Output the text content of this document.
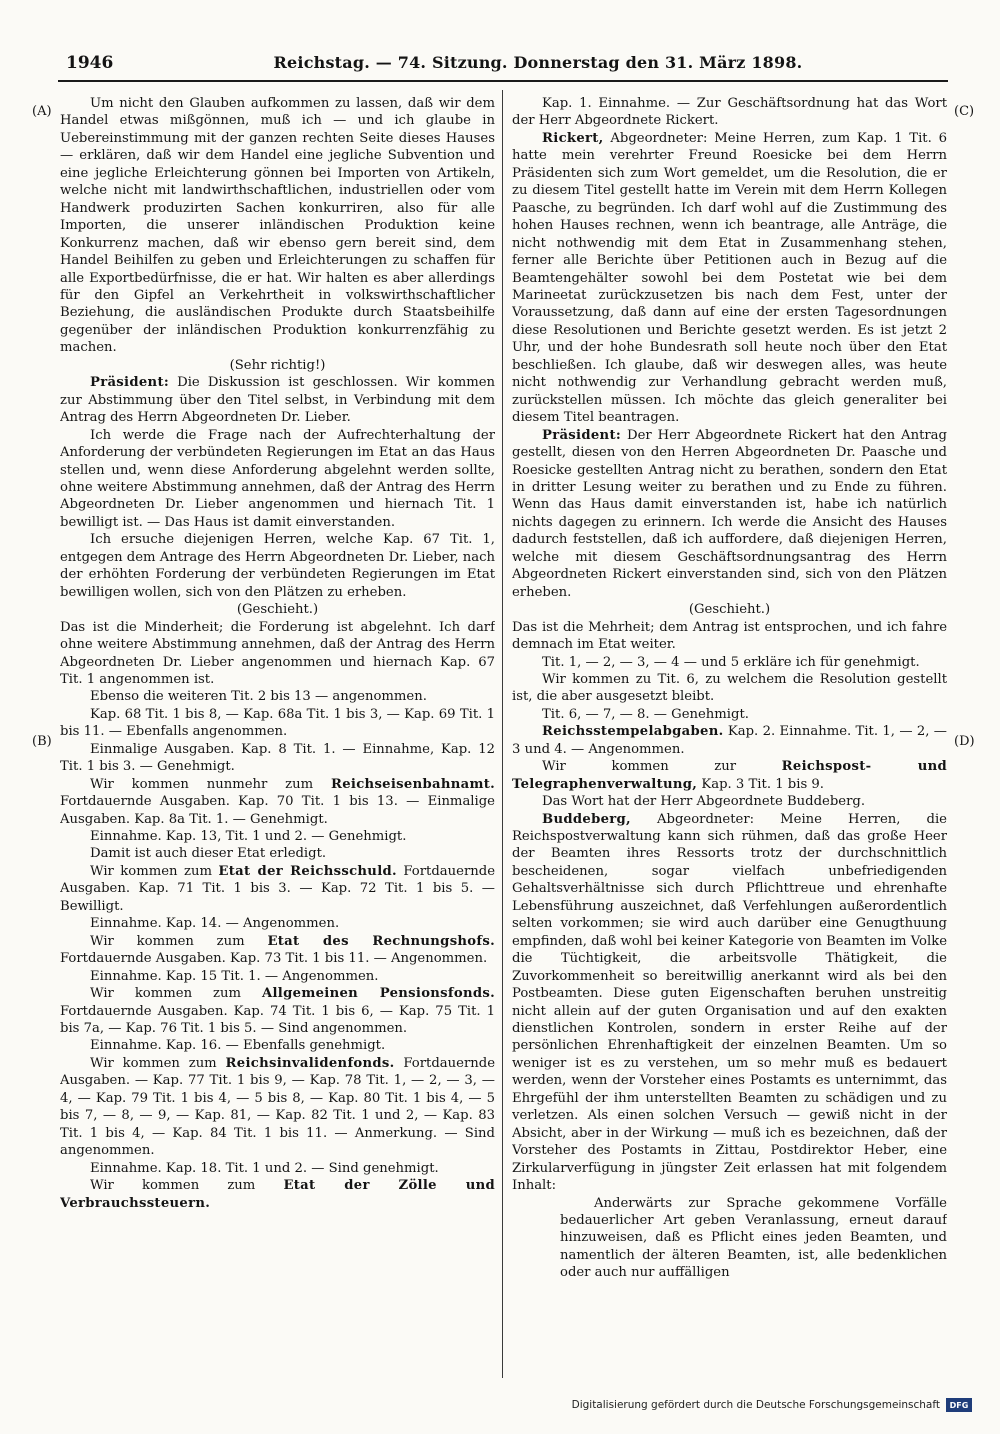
1946	Reichstag. — 74. Sitzung. Donnerstag den 31. März 1898.
(A)
(B)
(C)
(D)

Um nicht den Glauben aufkommen zu lassen, daß wir dem Handel etwas mißgönnen, muß ich — und ich glaube in Uebereinstimmung mit der ganzen rechten Seite dieses Hauses — erklären, daß wir dem Handel eine jegliche Subvention und eine jegliche Erleichterung gönnen bei Importen von Artikeln, welche nicht mit landwirthschaftlichen, industriellen oder vom Handwerk produzirten Sachen konkurriren, also für alle Importen, die unserer inländischen Produktion keine Konkurrenz machen, daß wir ebenso gern bereit sind, dem Handel Beihilfen zu geben und Erleichterungen zu schaffen für alle Exportbedürfnisse, die er hat. Wir halten es aber allerdings für den Gipfel an Verkehrtheit in volkswirthschaftlicher Beziehung, die ausländischen Produkte durch Staatsbeihilfe gegenüber der inländischen Produktion konkurrenzfähig zu machen.

(Sehr richtig!)

Präsident: Die Diskussion ist geschlossen. Wir kommen zur Abstimmung über den Titel selbst, in Verbindung mit dem Antrag des Herrn Abgeordneten Dr. Lieber.

Ich werde die Frage nach der Aufrechterhaltung der Anforderung der verbündeten Regierungen im Etat an das Haus stellen und, wenn diese Anforderung abgelehnt werden sollte, ohne weitere Abstimmung annehmen, daß der Antrag des Herrn Abgeordneten Dr. Lieber angenommen und hiernach Tit. 1 bewilligt ist. — Das Haus ist damit einverstanden.

Ich ersuche diejenigen Herren, welche Kap. 67 Tit. 1, entgegen dem Antrage des Herrn Abgeordneten Dr. Lieber, nach der erhöhten Forderung der verbündeten Regierungen im Etat bewilligen wollen, sich von den Plätzen zu erheben.

(Geschieht.)

Das ist die Minderheit; die Forderung ist abgelehnt. Ich darf ohne weitere Abstimmung annehmen, daß der Antrag des Herrn Abgeordneten Dr. Lieber angenommen und hiernach Kap. 67 Tit. 1 angenommen ist.

Ebenso die weiteren Tit. 2 bis 13 — angenommen.

Kap. 68 Tit. 1 bis 8, — Kap. 68a Tit. 1 bis 3, — Kap. 69 Tit. 1 bis 11. — Ebenfalls angenommen.

Einmalige Ausgaben. Kap. 8 Tit. 1. — Einnahme, Kap. 12 Tit. 1 bis 3. — Genehmigt.

Wir kommen nunmehr zum Reichseisenbahnamt. Fortdauernde Ausgaben. Kap. 70 Tit. 1 bis 13. — Einmalige Ausgaben. Kap. 8a Tit. 1. — Genehmigt.

Einnahme. Kap. 13, Tit. 1 und 2. — Genehmigt.

Damit ist auch dieser Etat erledigt.

Wir kommen zum Etat der Reichsschuld. Fortdauernde Ausgaben. Kap. 71 Tit. 1 bis 3. — Kap. 72 Tit. 1 bis 5. — Bewilligt.

Einnahme. Kap. 14. — Angenommen.

Wir kommen zum Etat des Rechnungshofs. Fortdauernde Ausgaben. Kap. 73 Tit. 1 bis 11. — Angenommen.

Einnahme. Kap. 15 Tit. 1. — Angenommen.

Wir kommen zum Allgemeinen Pensionsfonds. Fortdauernde Ausgaben. Kap. 74 Tit. 1 bis 6, — Kap. 75 Tit. 1 bis 7a, — Kap. 76 Tit. 1 bis 5. — Sind angenommen.

Einnahme. Kap. 16. — Ebenfalls genehmigt.

Wir kommen zum Reichsinvalidenfonds. Fortdauernde Ausgaben. — Kap. 77 Tit. 1 bis 9, — Kap. 78 Tit. 1, — 2, — 3, — 4, — Kap. 79 Tit. 1 bis 4, — 5 bis 8, — Kap. 80 Tit. 1 bis 4, — 5 bis 7, — 8, — 9, — Kap. 81, — Kap. 82 Tit. 1 und 2, — Kap. 83 Tit. 1 bis 4, — Kap. 84 Tit. 1 bis 11. — Anmerkung. — Sind angenommen.

Einnahme. Kap. 18. Tit. 1 und 2. — Sind genehmigt.

Wir kommen zum Etat der Zölle und Verbrauchssteuern.

Kap. 1. Einnahme. — Zur Geschäftsordnung hat das Wort der Herr Abgeordnete Rickert.

Rickert, Abgeordneter: Meine Herren, zum Kap. 1 Tit. 6 hatte mein verehrter Freund Roesicke bei dem Herrn Präsidenten sich zum Wort gemeldet, um die Resolution, die er zu diesem Titel gestellt hatte im Verein mit dem Herrn Kollegen Paasche, zu begründen. Ich darf wohl auf die Zustimmung des hohen Hauses rechnen, wenn ich beantrage, alle Anträge, die nicht nothwendig mit dem Etat in Zusammenhang stehen, ferner alle Berichte über Petitionen auch in Bezug auf die Beamtengehälter sowohl bei dem Postetat wie bei dem Marineetat zurückzusetzen bis nach dem Fest, unter der Voraussetzung, daß dann auf eine der ersten Tagesordnungen diese Resolutionen und Berichte gesetzt werden. Es ist jetzt 2 Uhr, und der hohe Bundesrath soll heute noch über den Etat beschließen. Ich glaube, daß wir deswegen alles, was heute nicht nothwendig zur Verhandlung gebracht werden muß, zurückstellen müssen. Ich möchte das gleich generaliter bei diesem Titel beantragen.

Präsident: Der Herr Abgeordnete Rickert hat den Antrag gestellt, diesen von den Herren Abgeordneten Dr. Paasche und Roesicke gestellten Antrag nicht zu berathen, sondern den Etat in dritter Lesung weiter zu berathen und zu Ende zu führen. Wenn das Haus damit einverstanden ist, habe ich natürlich nichts dagegen zu erinnern. Ich werde die Ansicht des Hauses dadurch feststellen, daß ich auffordere, daß diejenigen Herren, welche mit diesem Geschäftsordnungsantrag des Herrn Abgeordneten Rickert einverstanden sind, sich von den Plätzen erheben.

(Geschieht.)

Das ist die Mehrheit; dem Antrag ist entsprochen, und ich fahre demnach im Etat weiter.

Tit. 1, — 2, — 3, — 4 — und 5 erkläre ich für genehmigt.

Wir kommen zu Tit. 6, zu welchem die Resolution gestellt ist, die aber ausgesetzt bleibt.

Tit. 6, — 7, — 8. — Genehmigt.

Reichsstempelabgaben. Kap. 2. Einnahme. Tit. 1, — 2, — 3 und 4. — Angenommen.

Wir kommen zur Reichspost- und Telegraphenverwaltung, Kap. 3 Tit. 1 bis 9.

Das Wort hat der Herr Abgeordnete Buddeberg.

Buddeberg, Abgeordneter: Meine Herren, die Reichspostverwaltung kann sich rühmen, daß das große Heer der Beamten ihres Ressorts trotz der durchschnittlich bescheidenen, sogar vielfach unbefriedigenden Gehaltsverhältnisse sich durch Pflichttreue und ehrenhafte Lebensführung auszeichnet, daß Verfehlungen außerordentlich selten vorkommen; sie wird auch darüber eine Genugthuung empfinden, daß wohl bei keiner Kategorie von Beamten im Volke die Tüchtigkeit, die arbeitsvolle Thätigkeit, die Zuvorkommenheit so bereitwillig anerkannt wird als bei den Postbeamten. Diese guten Eigenschaften beruhen unstreitig nicht allein auf der guten Organisation und auf den exakten dienstlichen Kontrolen, sondern in erster Reihe auf der persönlichen Ehrenhaftigkeit der einzelnen Beamten. Um so weniger ist es zu verstehen, um so mehr muß es bedauert werden, wenn der Vorsteher eines Postamts es unternimmt, das Ehrgefühl der ihm unterstellten Beamten zu schädigen und zu verletzen. Als einen solchen Versuch — gewiß nicht in der Absicht, aber in der Wirkung — muß ich es bezeichnen, daß der Vorsteher des Postamts in Zittau, Postdirektor Heber, eine Zirkularverfügung in jüngster Zeit erlassen hat mit folgendem Inhalt:

Anderwärts zur Sprache gekommene Vorfälle bedauerlicher Art geben Veranlassung, erneut darauf hinzuweisen, daß es Pflicht eines jeden Beamten, und namentlich der älteren Beamten, ist, alle bedenklichen oder auch nur auffälligen

Digitalisierung gefördert durch die Deutsche Forschungsgemeinschaft	DFG
